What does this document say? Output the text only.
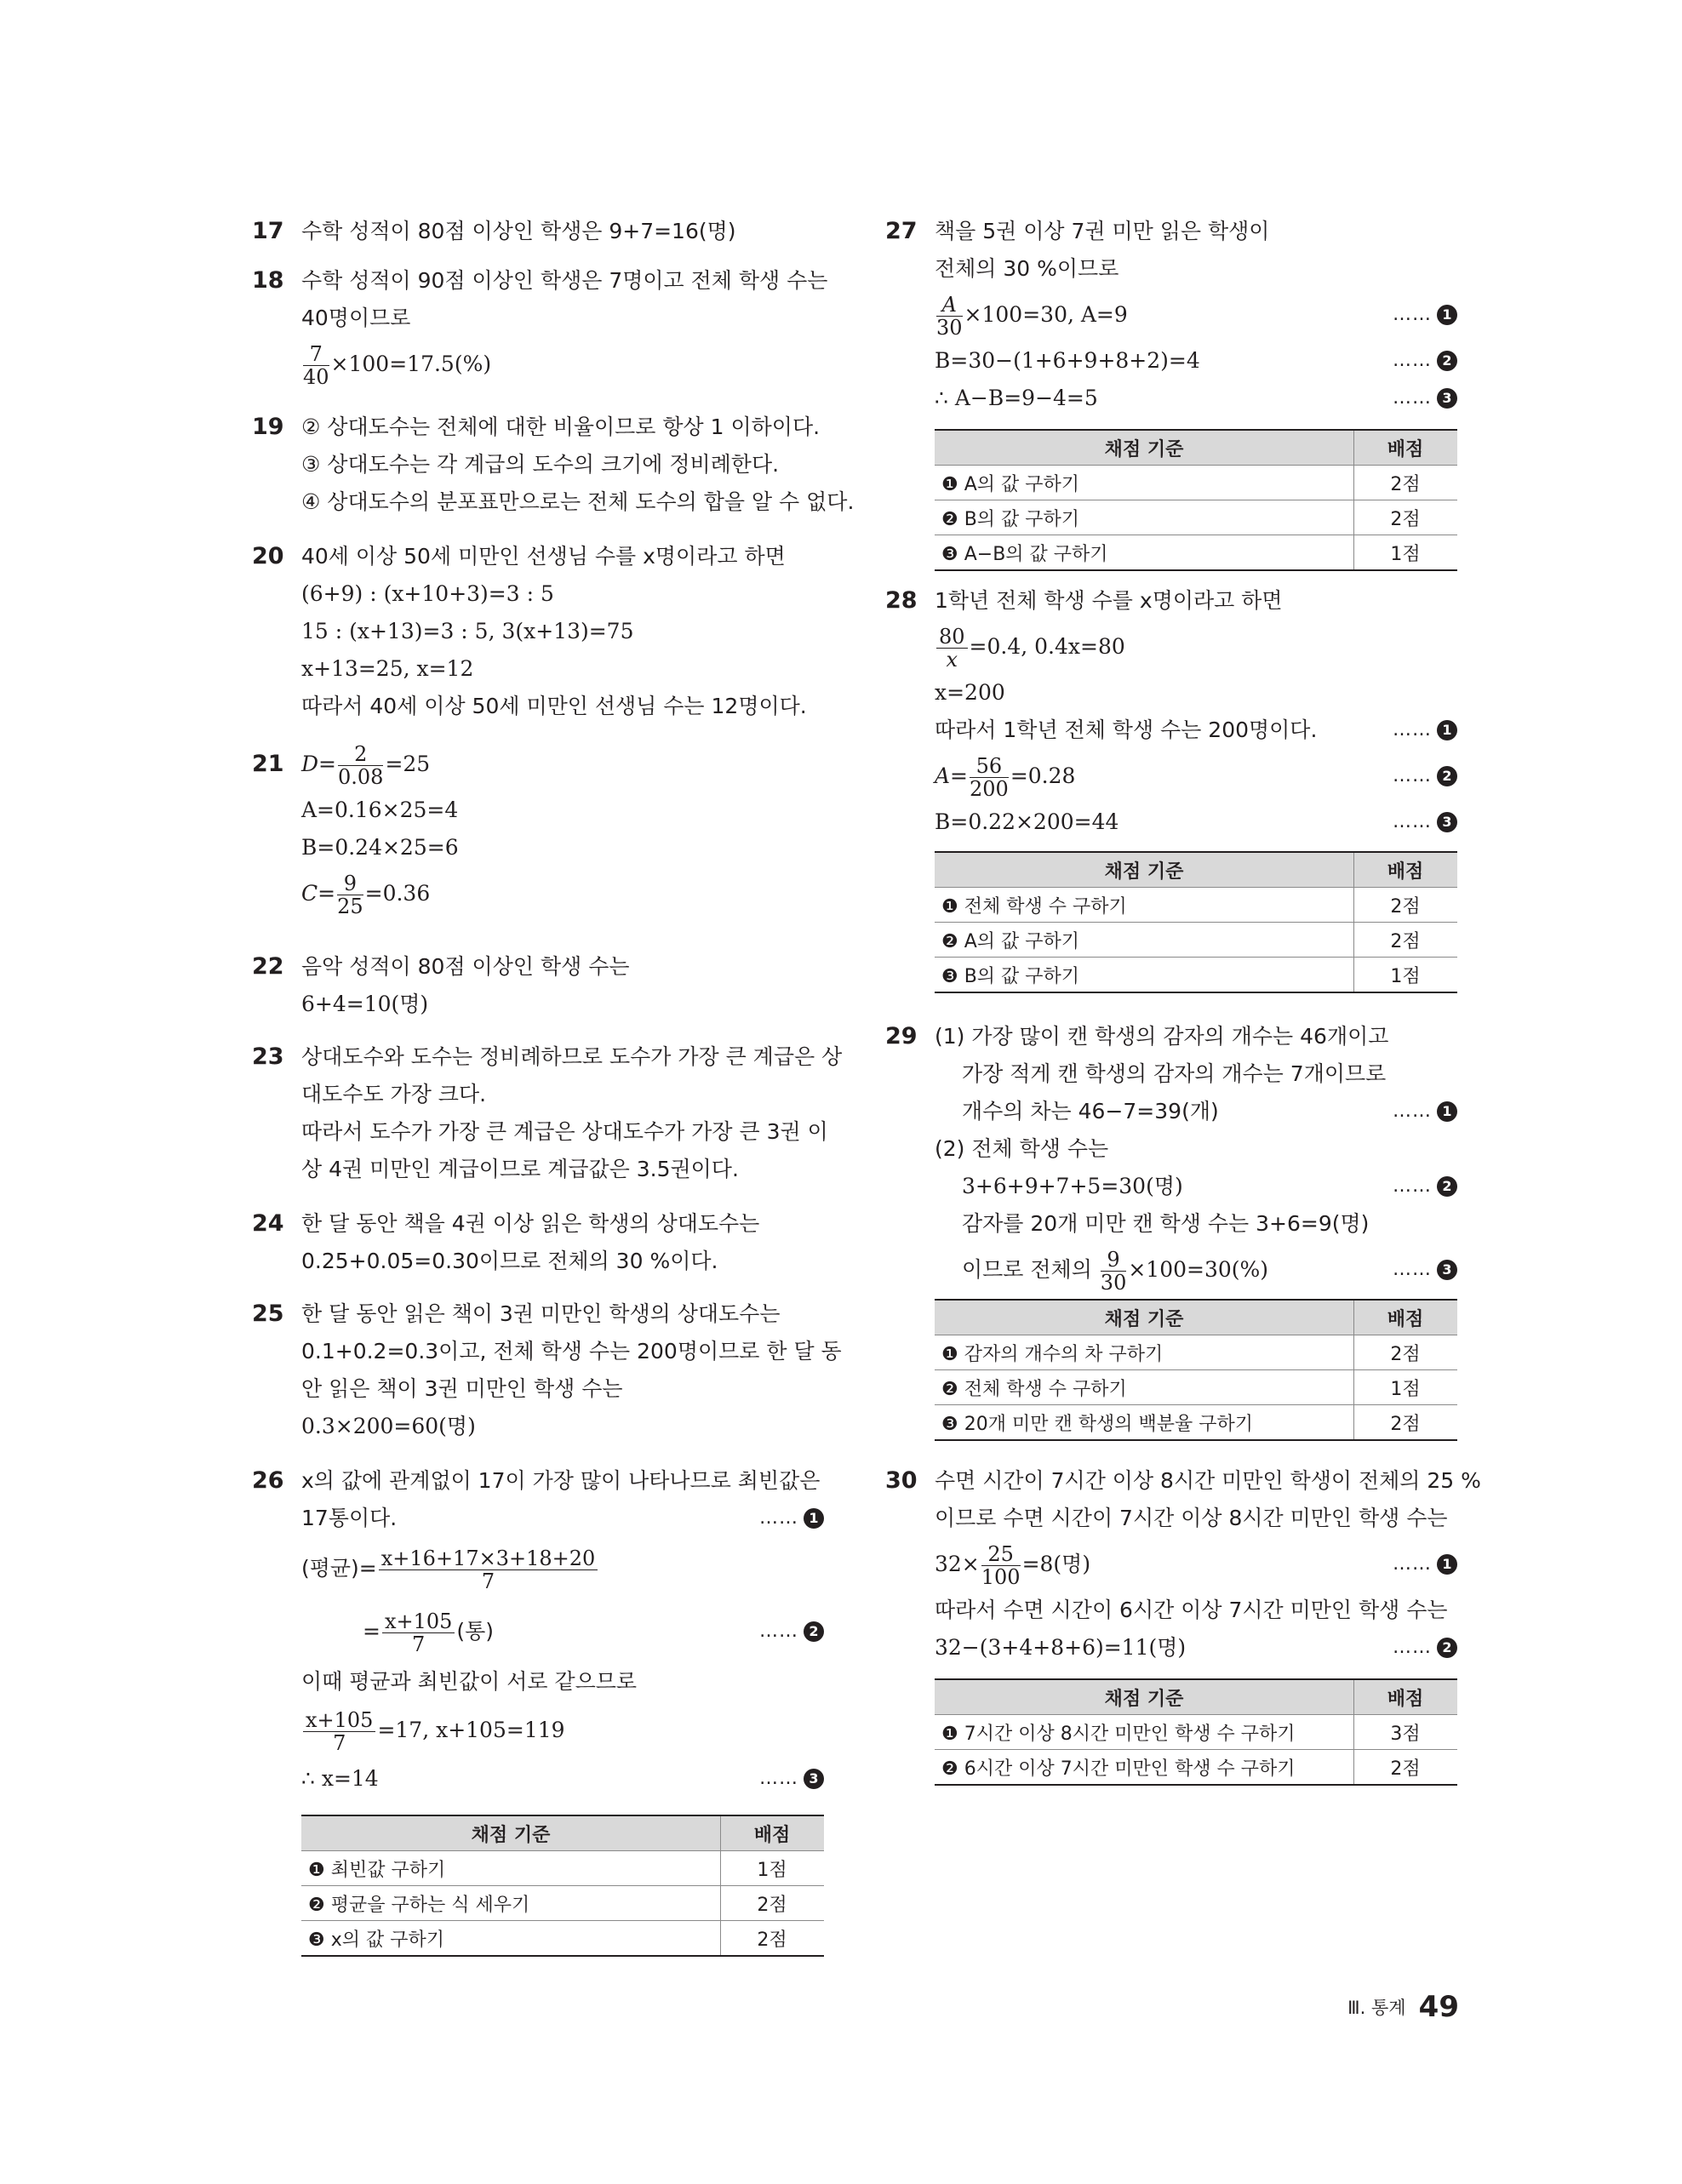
17 수학 성적이 80점 이상인 학생은 9+7=16(명)
18 수학 성적이 90점 이상인 학생은 7명이고 전체 학생 수는
40명이므로
$\frac{7}{40} \times 100=17.5(\%)$
19 ② 상대도수는 전체에 대한 비율이므로 항상 1 이하이다.
③ 상대도수는 각 계급의 도수의 크기에 정비례한다.
④ 상대도수의 분포표만으로는 전체 도수의 합을 알 수 없다.
20 40세 이상 50세 미만인 선생님 수를 x명이라고 하면
(6+9) : (x+10+3)=3 : 5
15 : (x+13)=3 : 5, 3(x+13)=75
x+13=25, x=12
따라서 40세 이상 50세 미만인 선생님 수는 12명이다.
21 $D= \frac{2}{0.08} =25$
A=0.16×25=4
B=0.24×25=6
$C= \frac{9}{25} =0.36$
22 음악 성적이 80점 이상인 학생 수는
6+4=10(명)
23 상대도수와 도수는 정비례하므로 도수가 가장 큰 계급은 상
대도수도 가장 크다.
따라서 도수가 가장 큰 계급은 상대도수가 가장 큰 3권 이
상 4권 미만인 계급이므로 계급값은 3.5권이다.
24 한 달 동안 책을 4권 이상 읽은 학생의 상대도수는
0.25+0.05=0.30이므로 전체의 30 %이다.
25 한 달 동안 읽은 책이 3권 미만인 학생의 상대도수는
0.1+0.2=0.3이고, 전체 학생 수는 200명이므로 한 달 동
안 읽은 책이 3권 미만인 학생 수는
0.3×200=60(명)
26 x의 값에 관계없이 17이 가장 많이 나타나므로 최빈값은
17통이다.	…… 1
(평균)= $\frac{x+16+17\times 3+18+20}{7}$
= $\frac{x+105}{7}$ (통)	…… 2
이때 평균과 최빈값이 서로 같으므로
$\frac{x+105}{7} =17$, x+105=119
∴ x=14	…… 3
채점 기준	배점
❶ 최빈값 구하기	1점
❷ 평균을 구하는 식 세우기	2점
❸ x의 값 구하기	2점
27 책을 5권 이상 7권 미만 읽은 학생이
전체의 30 %이므로
$\frac{A}{30} \times 100=30$, A=9	…… 1
B=30−(1+6+9+8+2)=4	…… 2
∴ A−B=9−4=5	…… 3
채점 기준	배점
❶ A의 값 구하기	2점
❷ B의 값 구하기	2점
❸ A−B의 값 구하기	1점
28 1학년 전체 학생 수를 x명이라고 하면
$\frac{80}{x} =0.4$, 0.4x=80
x=200
따라서 1학년 전체 학생 수는 200명이다.	…… 1
$A= \frac{56}{200} =0.28$	…… 2
B=0.22×200=44	…… 3
채점 기준	배점
❶ 전체 학생 수 구하기	2점
❷ A의 값 구하기	2점
❸ B의 값 구하기	1점
29 (1) 가장 많이 캔 학생의 감자의 개수는 46개이고
가장 적게 캔 학생의 감자의 개수는 7개이므로
개수의 차는 46−7=39(개)	…… 1
(2) 전체 학생 수는
3+6+9+7+5=30(명)	…… 2
감자를 20개 미만 캔 학생 수는 3+6=9(명)
이므로 전체의 $\frac{9}{30} \times 100=30(\%)$	…… 3
채점 기준	배점
❶ 감자의 개수의 차 구하기	2점
❷ 전체 학생 수 구하기	1점
❸ 20개 미만 캔 학생의 백분율 구하기	2점
30 수면 시간이 7시간 이상 8시간 미만인 학생이 전체의 25 %
이므로 수면 시간이 7시간 이상 8시간 미만인 학생 수는
$32\times \frac{25}{100} =8$(명)	…… 1
따라서 수면 시간이 6시간 이상 7시간 미만인 학생 수는
32−(3+4+8+6)=11(명)	…… 2
채점 기준	배점
❶ 7시간 이상 8시간 미만인 학생 수 구하기	3점
❷ 6시간 이상 7시간 미만인 학생 수 구하기	2점
Ⅲ. 통계 49
